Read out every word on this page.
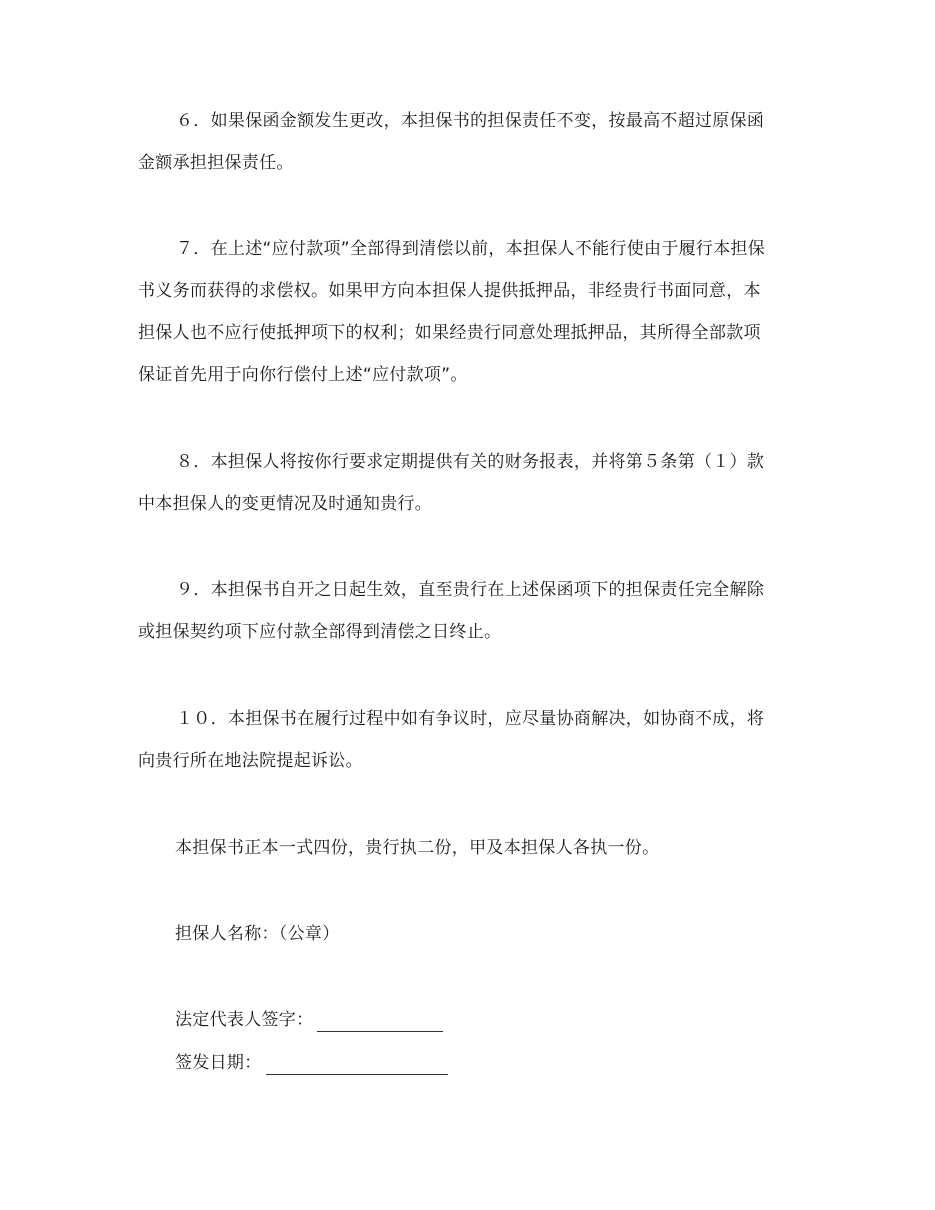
６．如果保函金额发生更改，本担保书的担保责任不变，按最高不超过原保函
金额承担担保责任。
７．在上述“应付款项”全部得到清偿以前，本担保人不能行使由于履行本担保
书义务而获得的求偿权。如果甲方向本担保人提供抵押品，非经贵行书面同意，本
担保人也不应行使抵押项下的权利；如果经贵行同意处理抵押品，其所得全部款项
保证首先用于向你行偿付上述“应付款项”。
８．本担保人将按你行要求定期提供有关的财务报表，并将第５条第（１）款
中本担保人的变更情况及时通知贵行。
９．本担保书自开之日起生效，直至贵行在上述保函项下的担保责任完全解除
或担保契约项下应付款全部得到清偿之日终止。
１０．本担保书在履行过程中如有争议时，应尽量协商解决，如协商不成，将
向贵行所在地法院提起诉讼。
本担保书正本一式四份，贵行执二份，甲及本担保人各执一份。
担保人名称：（公章）
法定代表人签字：
签发日期：
